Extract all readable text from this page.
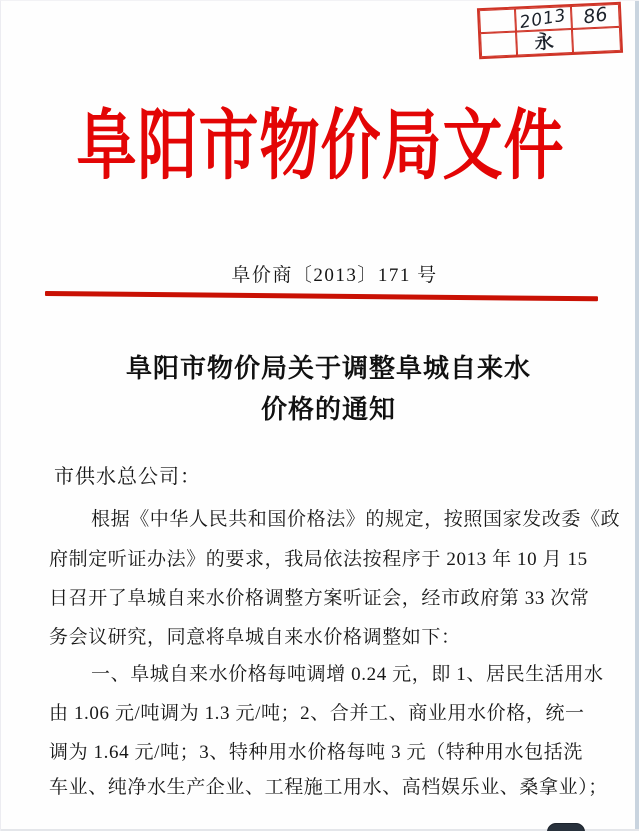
2013 86
永
阜阳市物价局文件
阜价商〔2013〕171 号
阜阳市物价局关于调整阜城自来水
价格的通知
市供水总公司：
根据《中华人民共和国价格法》的规定，按照国家发改委《政
府制定听证办法》的要求，我局依法按程序于 2013 年 10 月 15
日召开了阜城自来水价格调整方案听证会，经市政府第 33 次常
务会议研究，同意将阜城自来水价格调整如下：
一、阜城自来水价格每吨调增 0.24 元，即 1、居民生活用水
由 1.06 元/吨调为 1.3 元/吨；2、合并工、商业用水价格，统一
调为 1.64 元/吨；3、特种用水价格每吨 3 元（特种用水包括洗
车业、纯净水生产企业、工程施工用水、高档娱乐业、桑拿业）；
